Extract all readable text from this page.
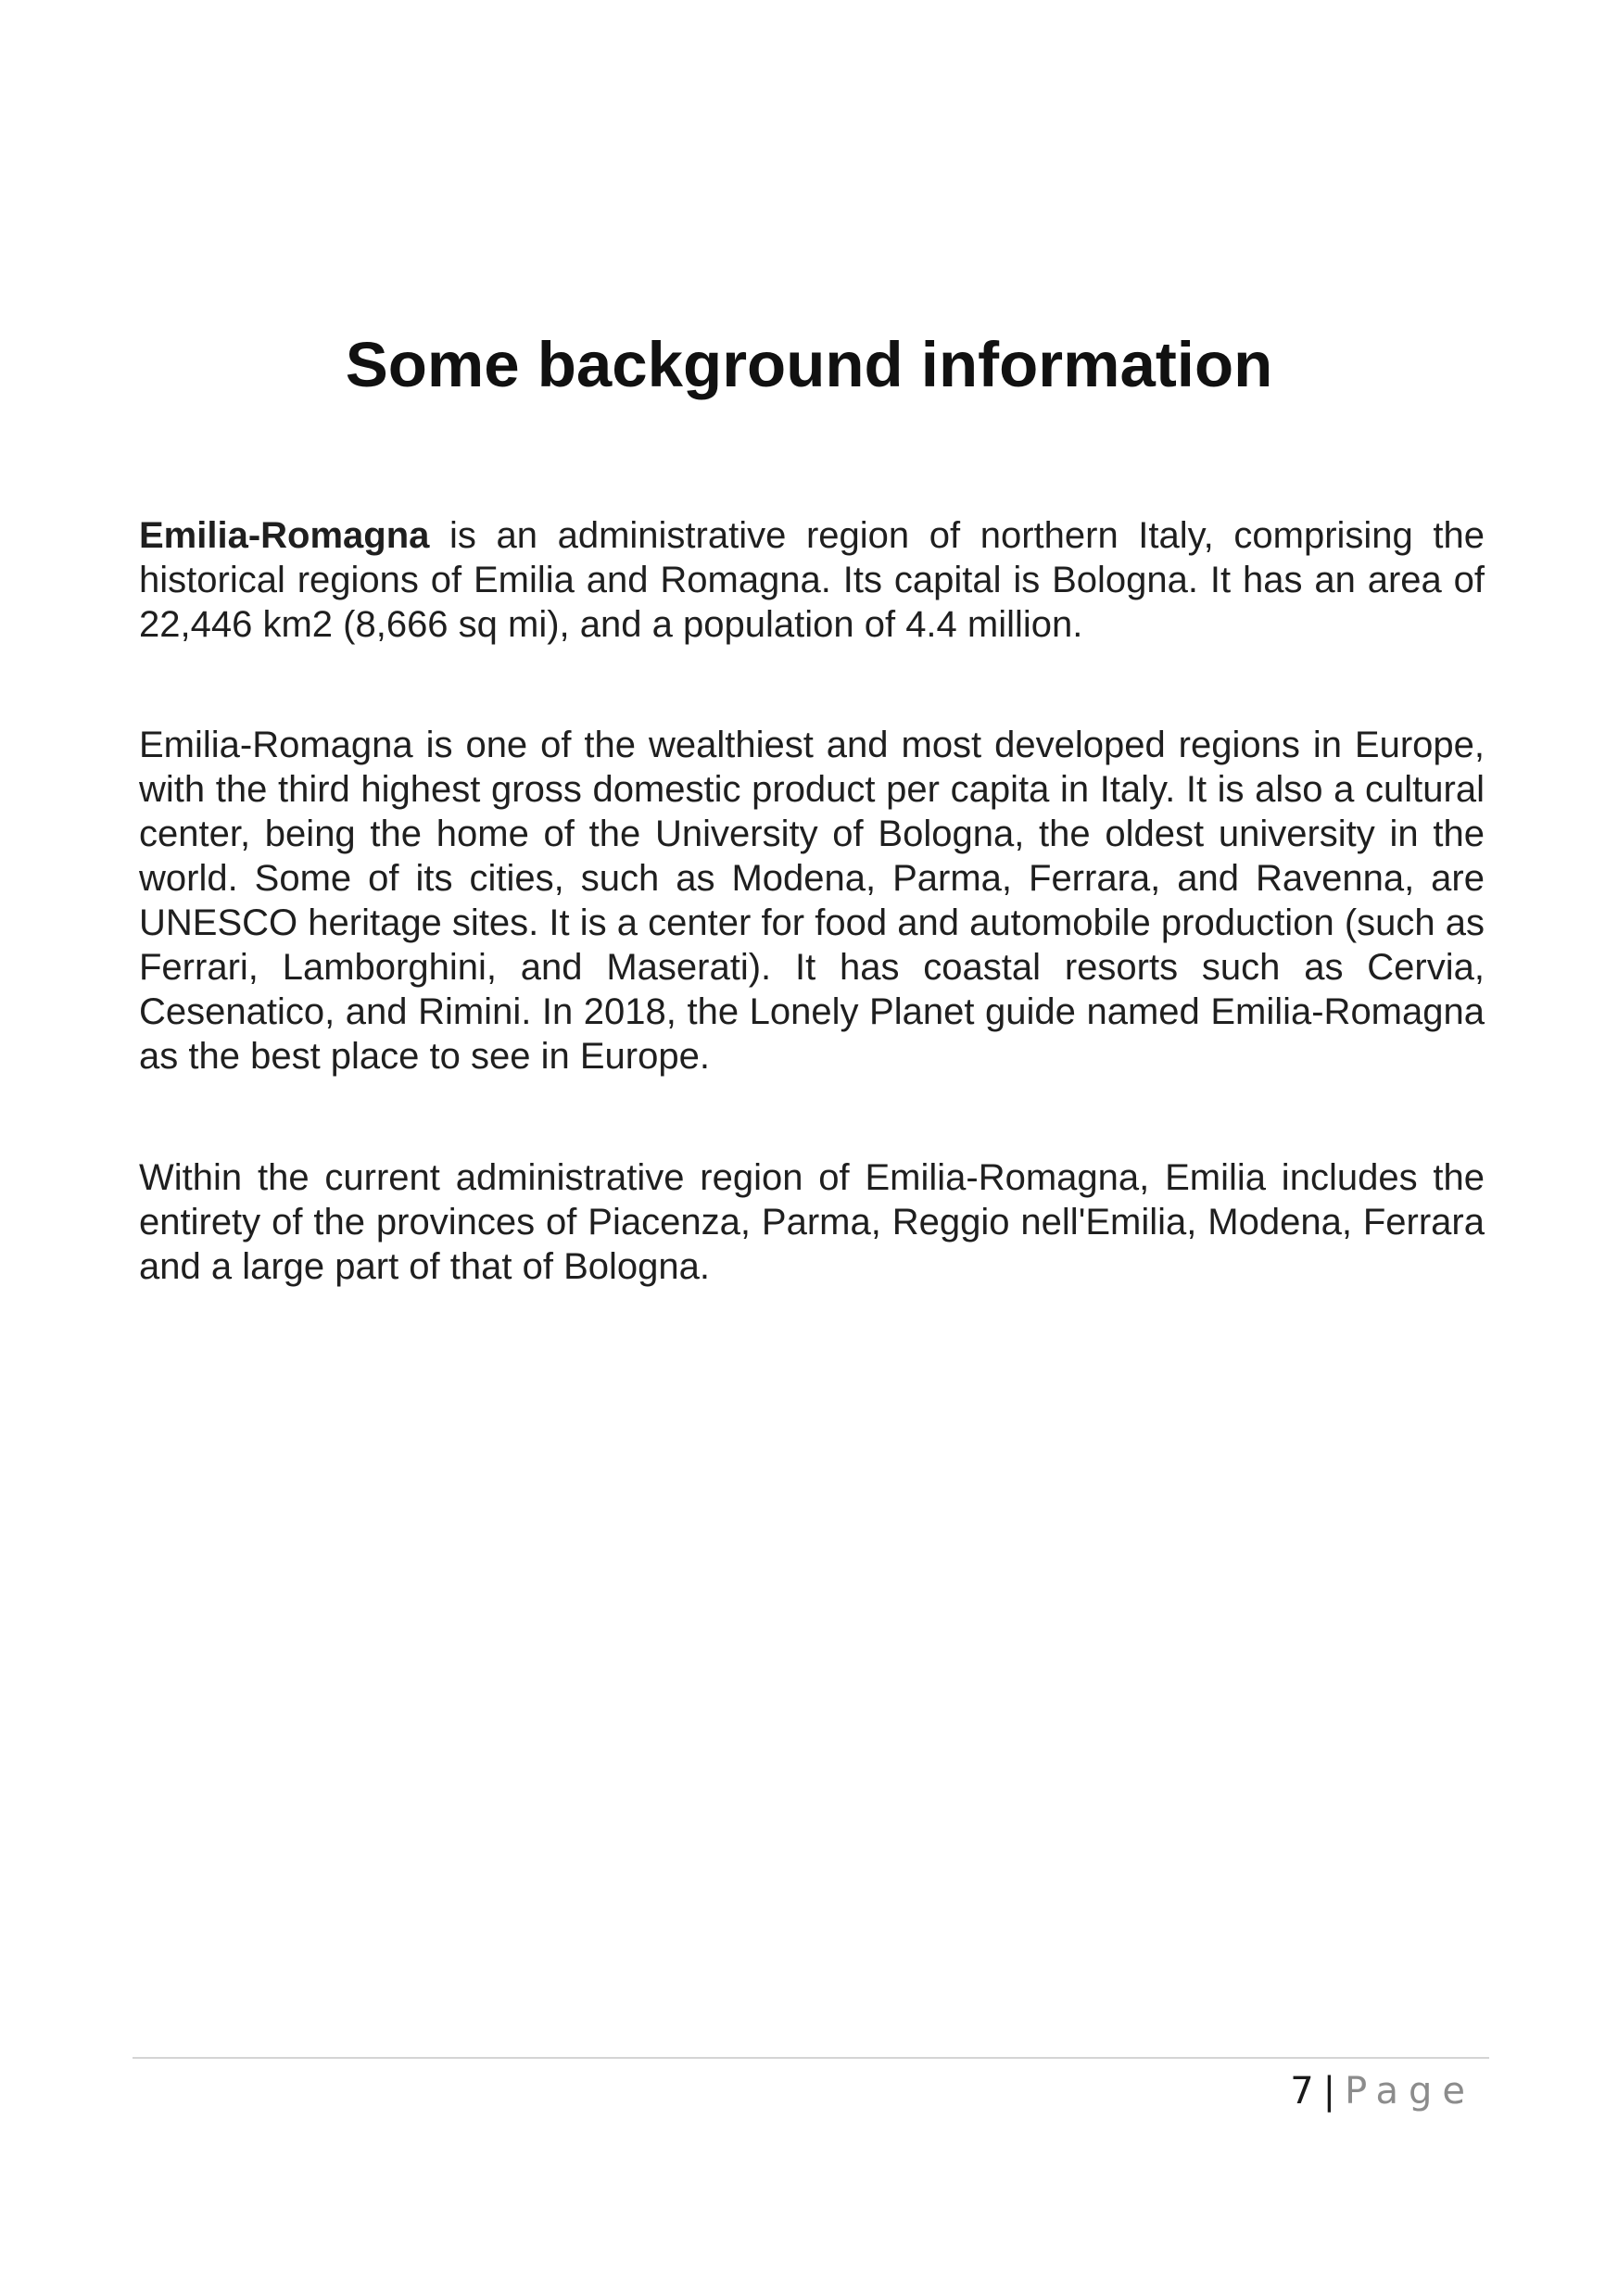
Some background information

Emilia-Romagna is an administrative region of northern Italy, comprising the historical regions of Emilia and Romagna. Its capital is Bologna. It has an area of 22,446 km2 (8,666 sq mi), and a population of 4.4 million.

Emilia-Romagna is one of the wealthiest and most developed regions in Europe, with the third highest gross domestic product per capita in Italy. It is also a cultural center, being the home of the University of Bologna, the oldest university in the world. Some of its cities, such as Modena, Parma, Ferrara, and Ravenna, are UNESCO heritage sites. It is a center for food and automobile production (such as Ferrari, Lamborghini, and Maserati). It has coastal resorts such as Cervia, Cesenatico, and Rimini. In 2018, the Lonely Planet guide named Emilia-Romagna as the best place to see in Europe.

Within the current administrative region of Emilia-Romagna, Emilia includes the entirety of the provinces of Piacenza, Parma, Reggio nell'Emilia, Modena, Ferrara and a large part of that of Bologna.

7 | Page
